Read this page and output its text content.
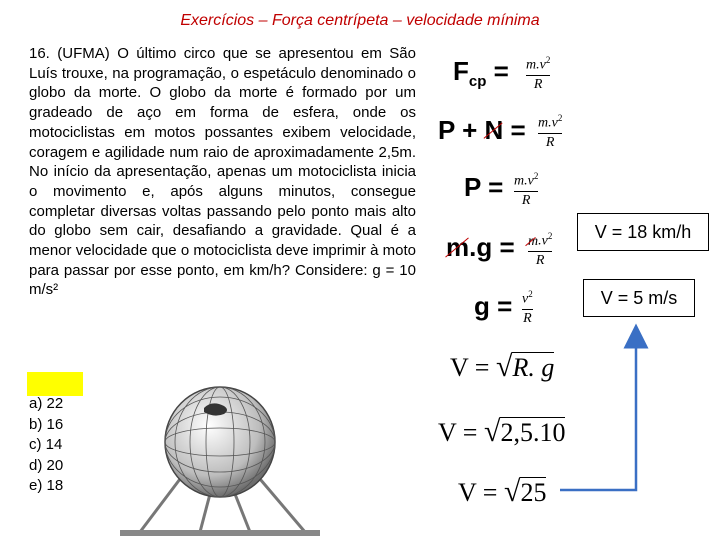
Exercícios – Força centrípeta – velocidade mínima

16. (UFMA) O último circo que se apresentou em São Luís trouxe, na programação, o espetáculo denominado o globo da morte. O globo da morte é formado por um gradeado de aço em forma de esfera, onde os motociclistas em motos possantes exibem velocidade, coragem e agilidade num raio de aproximadamente 2,5m. No início da apresentação, apenas um motociclista inicia o movimento e, após alguns minutos, consegue completar diversas voltas passando pelo ponto mais alto do globo sem cair, desafiando a gravidade. Qual é a menor velocidade que o motociclista deve imprimir à moto para passar por esse ponto, em km/h? Considere: g = 10 m/s²

a) 22
b) 16
c) 14
d) 20
e) 18
$F_{cp} = m.v^2$
R
$P + N = m.v^2$
R
$P = m.v^2$
R
$m.g = m.v^2$
R
$g = v^2$
R
V = √R. g
V = √2,5.10
V = √25
V = 18 km/h
V = 5 m/s
